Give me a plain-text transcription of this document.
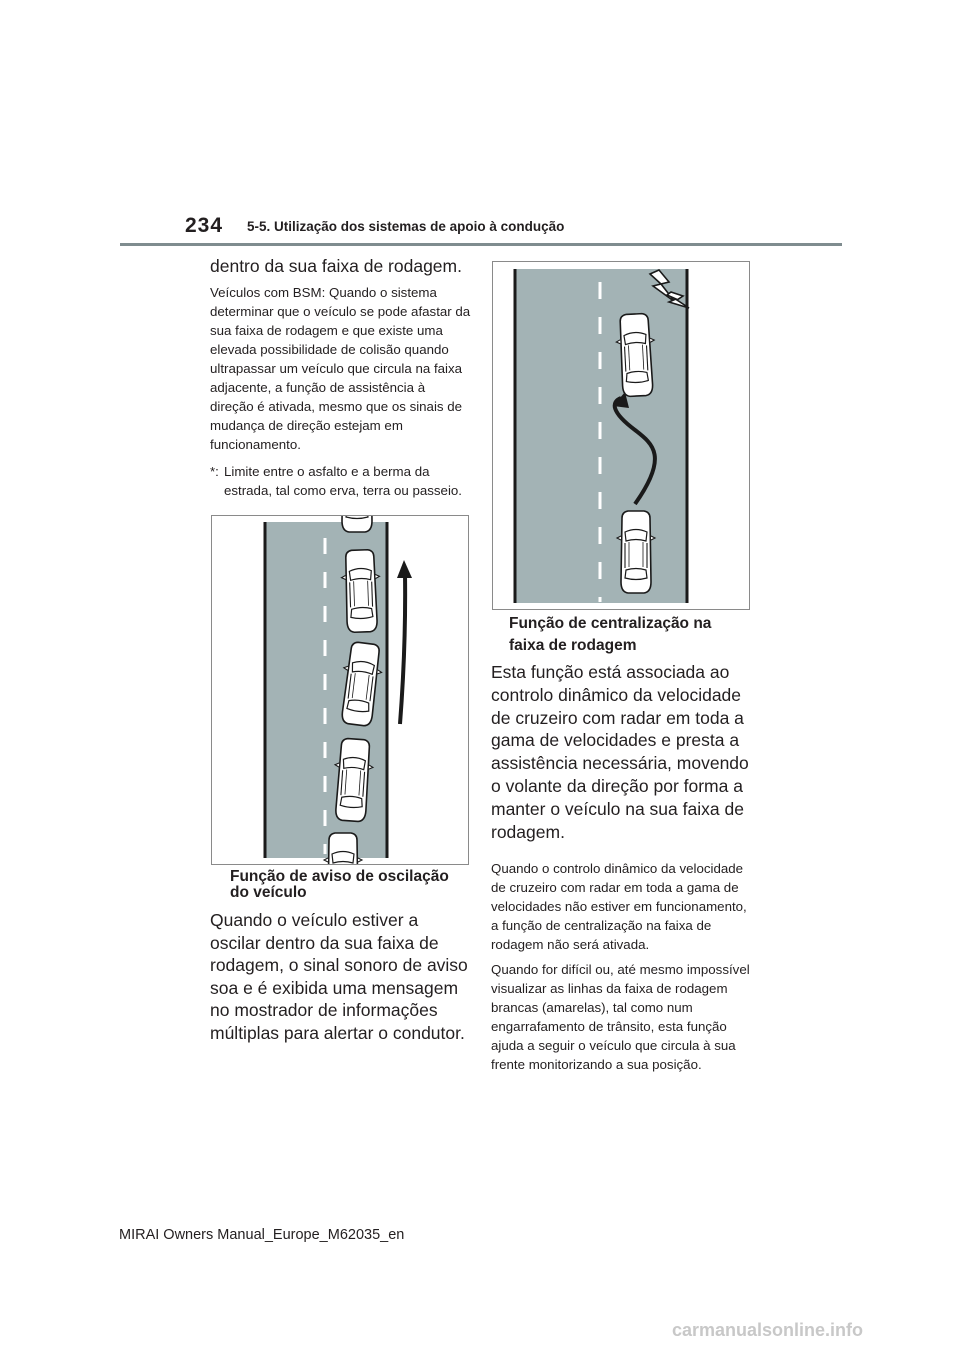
234 5-5. Utilização dos sistemas de apoio à condução

dentro da sua faixa de rodagem.

Veículos com BSM: Quando o sistema determinar que o veículo se pode afastar da sua faixa de rodagem e que existe uma elevada possibilidade de colisão quando ultrapassar um veículo que circula na faixa adjacente, a função de assistência à direção é ativada, mesmo que os sinais de mudança de direção estejam em funcionamento.

*: Limite entre o asfalto e a berma da estrada, tal como erva, terra ou passeio.

Função de aviso de oscilação do veículo

Quando o veículo estiver a oscilar dentro da sua faixa de rodagem, o sinal sonoro de aviso soa e é exibida uma mensagem no mostrador de informações múltiplas para alertar o condutor.

Função de centralização na faixa de rodagem

Esta função está associada ao controlo dinâmico da velocidade de cruzeiro com radar em toda a gama de velocidades e presta a assistência necessária, movendo o volante da direção por forma a manter o veículo na sua faixa de rodagem.

Quando o controlo dinâmico da velocidade de cruzeiro com radar em toda a gama de velocidades não estiver em funcionamento, a função de centralização na faixa de rodagem não será ativada.

Quando for difícil ou, até mesmo impossível visualizar as linhas da faixa de rodagem brancas (amarelas), tal como num engarrafamento de trânsito, esta função ajuda a seguir o veículo que circula à sua frente monitorizando a sua posição.

MIRAI Owners Manual_Europe_M62035_en
carmanualsonline.info
